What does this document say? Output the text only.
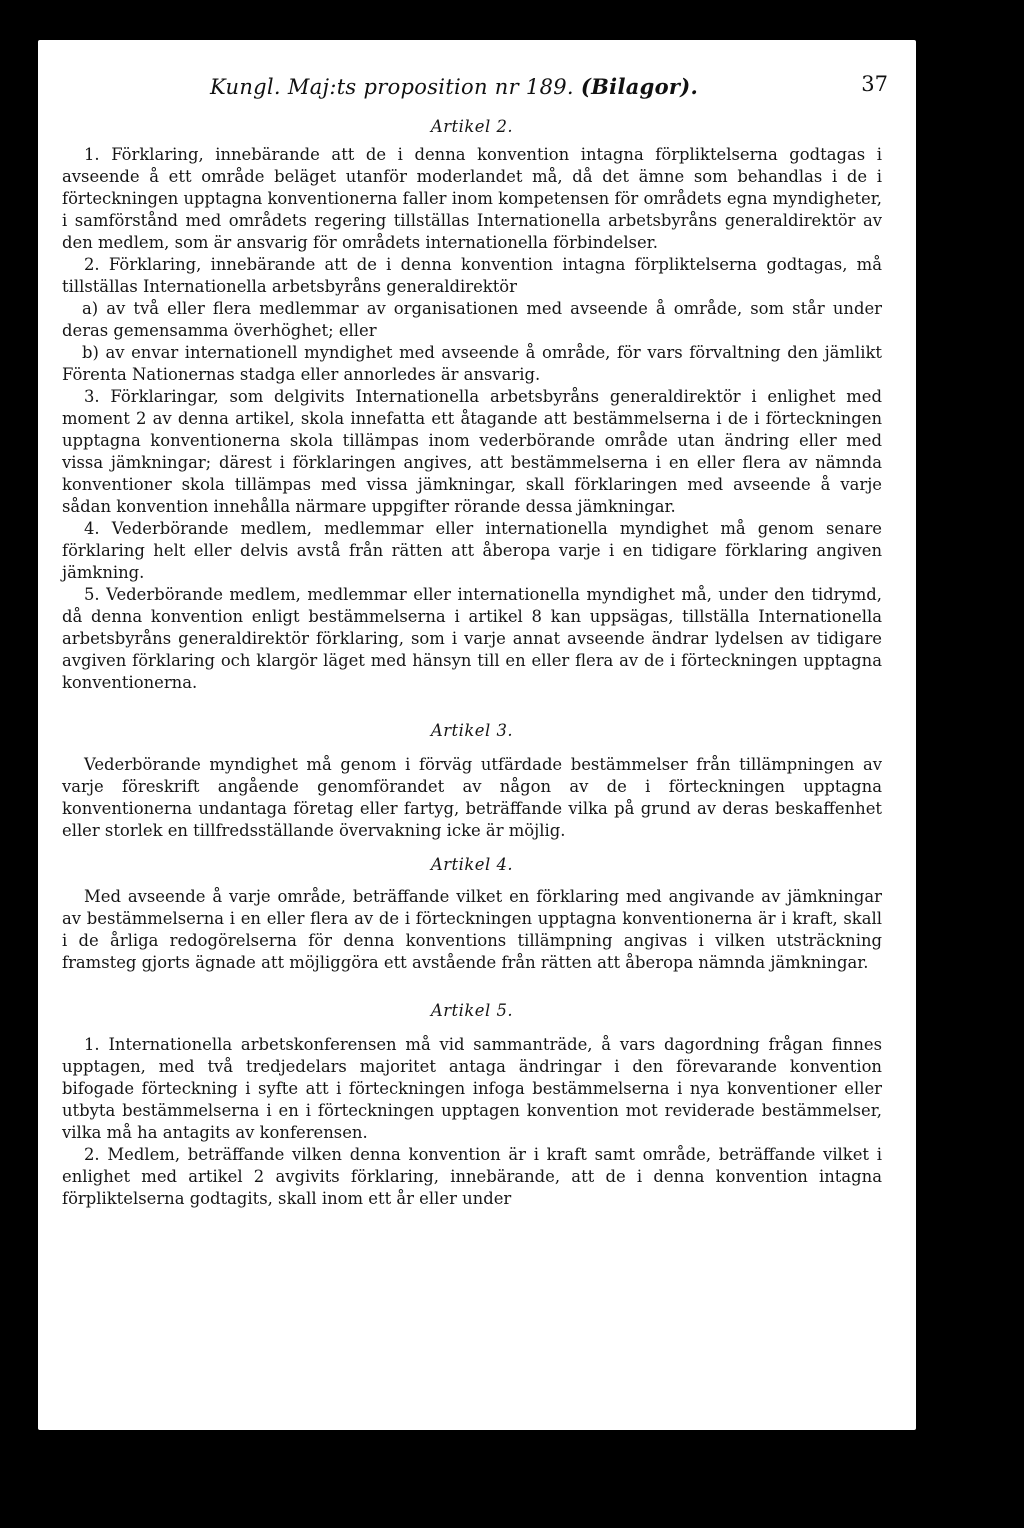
Kungl. Maj:ts proposition nr 189. (Bilagor).	37
Artikel 2.

1. Förklaring, innebärande att de i denna konvention intagna förpliktelserna godtagas i avseende å ett område beläget utanför moderlandet må, då det ämne som behandlas i de i förteckningen upptagna konventionerna faller inom kompetensen för områdets egna myndigheter, i samförstånd med områdets regering tillställas Internationella arbetsbyråns generaldirektör av den medlem, som är ansvarig för områdets internationella förbindelser.

2. Förklaring, innebärande att de i denna konvention intagna förpliktelserna godtagas, må tillställas Internationella arbetsbyråns generaldirektör

a) av två eller flera medlemmar av organisationen med avseende å område, som står under deras gemensamma överhöghet; eller

b) av envar internationell myndighet med avseende å område, för vars förvaltning den jämlikt Förenta Nationernas stadga eller annorledes är ansvarig.

3. Förklaringar, som delgivits Internationella arbetsbyråns generaldirektör i enlighet med moment 2 av denna artikel, skola innefatta ett åtagande att bestämmelserna i de i förteckningen upptagna konventionerna skola tillämpas inom vederbörande område utan ändring eller med vissa jämkningar; därest i förklaringen angives, att bestämmelserna i en eller flera av nämnda konventioner skola tillämpas med vissa jämkningar, skall förklaringen med avseende å varje sådan konvention innehålla närmare uppgifter rörande dessa jämkningar.

4. Vederbörande medlem, medlemmar eller internationella myndighet må genom senare förklaring helt eller delvis avstå från rätten att åberopa varje i en tidigare förklaring angiven jämkning.

5. Vederbörande medlem, medlemmar eller internationella myndighet må, under den tidrymd, då denna konvention enligt bestämmelserna i artikel 8 kan uppsägas, tillställa Internationella arbetsbyråns generaldirektör förklaring, som i varje annat avseende ändrar lydelsen av tidigare avgiven förklaring och klargör läget med hänsyn till en eller flera av de i förteckningen upptagna konventionerna.

Artikel 3.

Vederbörande myndighet må genom i förväg utfärdade bestämmelser från tillämpningen av varje föreskrift angående genomförandet av någon av de i förteckningen upptagna konventionerna undantaga företag eller fartyg, beträffande vilka på grund av deras beskaffenhet eller storlek en tillfredsställande övervakning icke är möjlig.

Artikel 4.

Med avseende å varje område, beträffande vilket en förklaring med angivande av jämkningar av bestämmelserna i en eller flera av de i förteckningen upptagna konventionerna är i kraft, skall i de årliga redogörelserna för denna konventions tillämpning angivas i vilken utsträckning framsteg gjorts ägnade att möjliggöra ett avstående från rätten att åberopa nämnda jämkningar.

Artikel 5.

1. Internationella arbetskonferensen må vid sammanträde, å vars dagordning frågan finnes upptagen, med två tredjedelars majoritet antaga ändringar i den förevarande konvention bifogade förteckning i syfte att i förteckningen infoga bestämmelserna i nya konventioner eller utbyta bestämmelserna i en i förteckningen upptagen konvention mot reviderade bestämmelser, vilka må ha antagits av konferensen.

2. Medlem, beträffande vilken denna konvention är i kraft samt område, beträffande vilket i enlighet med artikel 2 avgivits förklaring, innebärande, att de i denna konvention intagna förpliktelserna godtagits, skall inom ett år eller under
